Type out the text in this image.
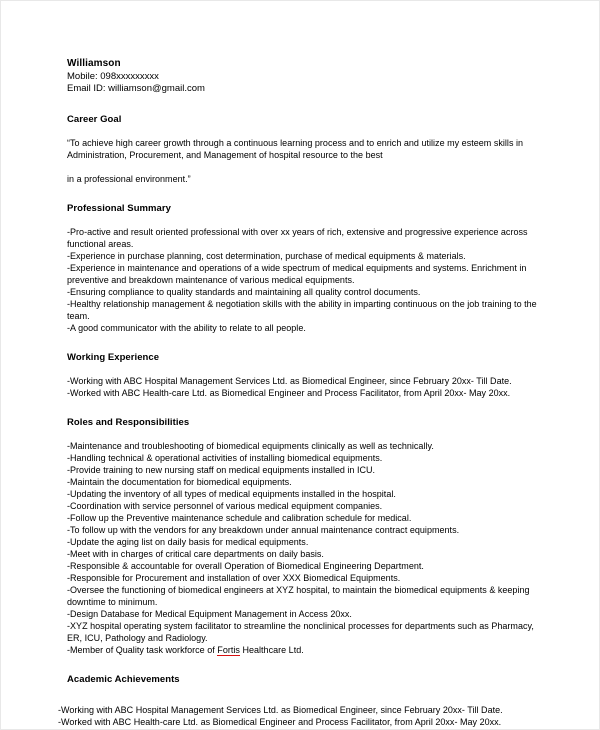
Williamson
Mobile: 098xxxxxxxxx
Email ID: williamson@gmail.com
Career Goal
“To achieve high career growth through a continuous learning process and to enrich and utilize my esteem skills in Administration, Procurement, and Management of hospital resource to the best
in a professional environment.”
Professional Summary
-Pro-active and result oriented professional with over xx years of rich, extensive and progressive experience across functional areas.
-Experience in purchase planning, cost determination, purchase of medical equipments & materials.
-Experience in maintenance and operations of a wide spectrum of medical equipments and systems. Enrichment in preventive and breakdown maintenance of various medical equipments.
-Ensuring compliance to quality standards and maintaining all quality control documents.
-Healthy relationship management & negotiation skills with the ability in imparting continuous on the job training to the team.
-A good communicator with the ability to relate to all people.
Working Experience
-Working with ABC Hospital Management Services Ltd. as Biomedical Engineer, since February 20xx- Till Date.
-Worked with ABC Health-care Ltd. as Biomedical Engineer and Process Facilitator, from April 20xx- May 20xx.
Roles and Responsibilities
-Maintenance and troubleshooting of biomedical equipments clinically as well as technically.
-Handling technical & operational activities of installing biomedical equipments.
-Provide training to new nursing staff on medical equipments installed in ICU.
-Maintain the documentation for biomedical equipments.
-Updating the inventory of all types of medical equipments installed in the hospital.
-Coordination with service personnel of various medical equipment companies.
-Follow up the Preventive maintenance schedule and calibration schedule for medical.
-To follow up with the vendors for any breakdown under annual maintenance contract equipments.
-Update the aging list on daily basis for medical equipments.
-Meet with in charges of critical care departments on daily basis.
-Responsible & accountable for overall Operation of Biomedical Engineering Department.
-Responsible for Procurement and installation of over XXX Biomedical Equipments.
-Oversee the functioning of biomedical engineers at XYZ hospital, to maintain the biomedical equipments & keeping downtime to minimum.
-Design Database for Medical Equipment Management in Access 20xx.
-XYZ hospital operating system facilitator to streamline the nonclinical processes for departments such as Pharmacy, ER, ICU, Pathology and Radiology.
-Member of Quality task workforce of Fortis Healthcare Ltd.
Academic Achievements
-Working with ABC Hospital Management Services Ltd. as Biomedical Engineer, since February 20xx- Till Date.
-Worked with ABC Health-care Ltd. as Biomedical Engineer and Process Facilitator, from April 20xx- May 20xx.
